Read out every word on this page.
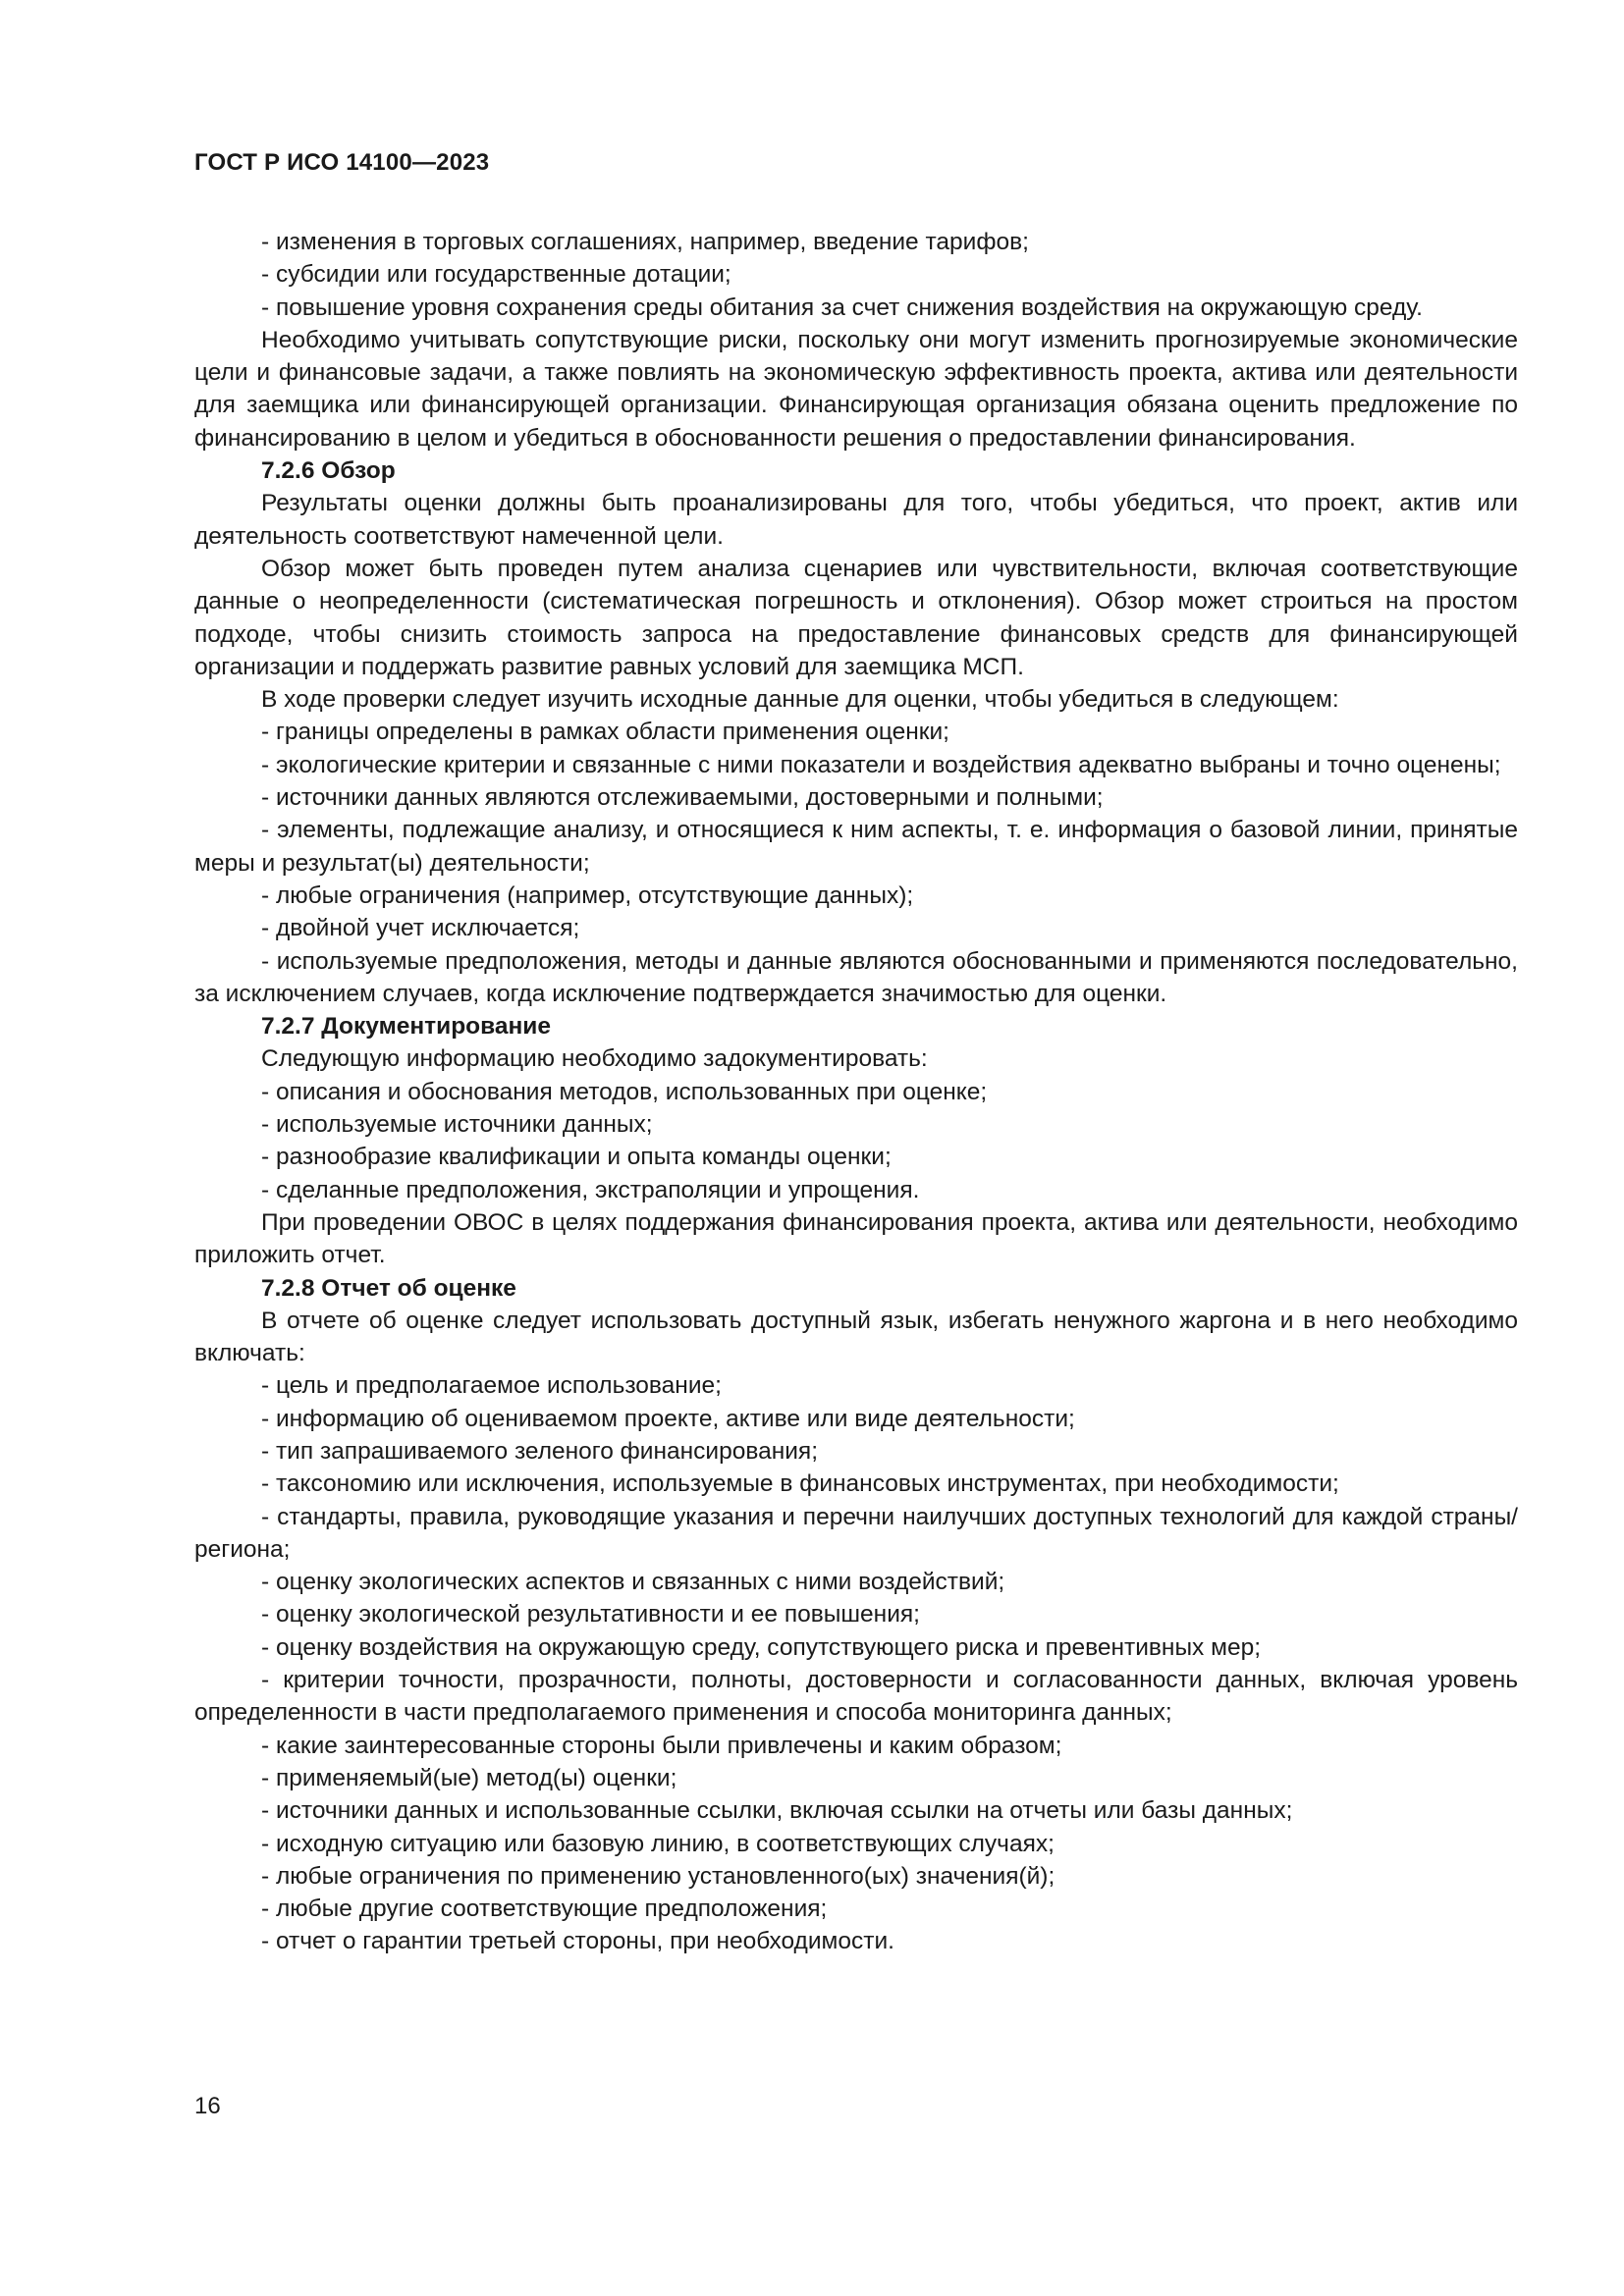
ГОСТ Р ИСО 14100—2023

- изменения в торговых соглашениях, например, введение тарифов;

- субсидии или государственные дотации;

- повышение уровня сохранения среды обитания за счет снижения воздействия на окружающую среду.

Необходимо учитывать сопутствующие риски, поскольку они могут изменить прогнозируемые экономические цели и финансовые задачи, а также повлиять на экономическую эффективность проекта, актива или деятельности для заемщика или финансирующей организации. Финансирующая организация обязана оценить предложение по финансированию в целом и убедиться в обоснованности решения о предоставлении финансирования.

7.2.6 Обзор

Результаты оценки должны быть проанализированы для того, чтобы убедиться, что проект, актив или деятельность соответствуют намеченной цели.

Обзор может быть проведен путем анализа сценариев или чувствительности, включая соответствующие данные о неопределенности (систематическая погрешность и отклонения). Обзор может строиться на простом подходе, чтобы снизить стоимость запроса на предоставление финансовых средств для финансирующей организации и поддержать развитие равных условий для заемщика МСП.

В ходе проверки следует изучить исходные данные для оценки, чтобы убедиться в следующем:

- границы определены в рамках области применения оценки;

- экологические критерии и связанные с ними показатели и воздействия адекватно выбраны и точно оценены;

- источники данных являются отслеживаемыми, достоверными и полными;

- элементы, подлежащие анализу, и относящиеся к ним аспекты, т. е. информация о базовой линии, принятые меры и результат(ы) деятельности;

- любые ограничения (например, отсутствующие данных);

- двойной учет исключается;

- используемые предположения, методы и данные являются обоснованными и применяются последовательно, за исключением случаев, когда исключение подтверждается значимостью для оценки.

7.2.7 Документирование

Следующую информацию необходимо задокументировать:

- описания и обоснования методов, использованных при оценке;

- используемые источники данных;

- разнообразие квалификации и опыта команды оценки;

- сделанные предположения, экстраполяции и упрощения.

При проведении ОВОС в целях поддержания финансирования проекта, актива или деятельности, необходимо приложить отчет.

7.2.8 Отчет об оценке

В отчете об оценке следует использовать доступный язык, избегать ненужного жаргона и в него необходимо включать:

- цель и предполагаемое использование;

- информацию об оцениваемом проекте, активе или виде деятельности;

- тип запрашиваемого зеленого финансирования;

- таксономию или исключения, используемые в финансовых инструментах, при необходимости;

- стандарты, правила, руководящие указания и перечни наилучших доступных технологий для каждой страны/региона;

- оценку экологических аспектов и связанных с ними воздействий;

- оценку экологической результативности и ее повышения;

- оценку воздействия на окружающую среду, сопутствующего риска и превентивных мер;

- критерии точности, прозрачности, полноты, достоверности и согласованности данных, включая уровень определенности в части предполагаемого применения и способа мониторинга данных;

- какие заинтересованные стороны были привлечены и каким образом;

- применяемый(ые) метод(ы) оценки;

- источники данных и использованные ссылки, включая ссылки на отчеты или базы данных;

- исходную ситуацию или базовую линию, в соответствующих случаях;

- любые ограничения по применению установленного(ых) значения(й);

- любые другие соответствующие предположения;

- отчет о гарантии третьей стороны, при необходимости.

16
